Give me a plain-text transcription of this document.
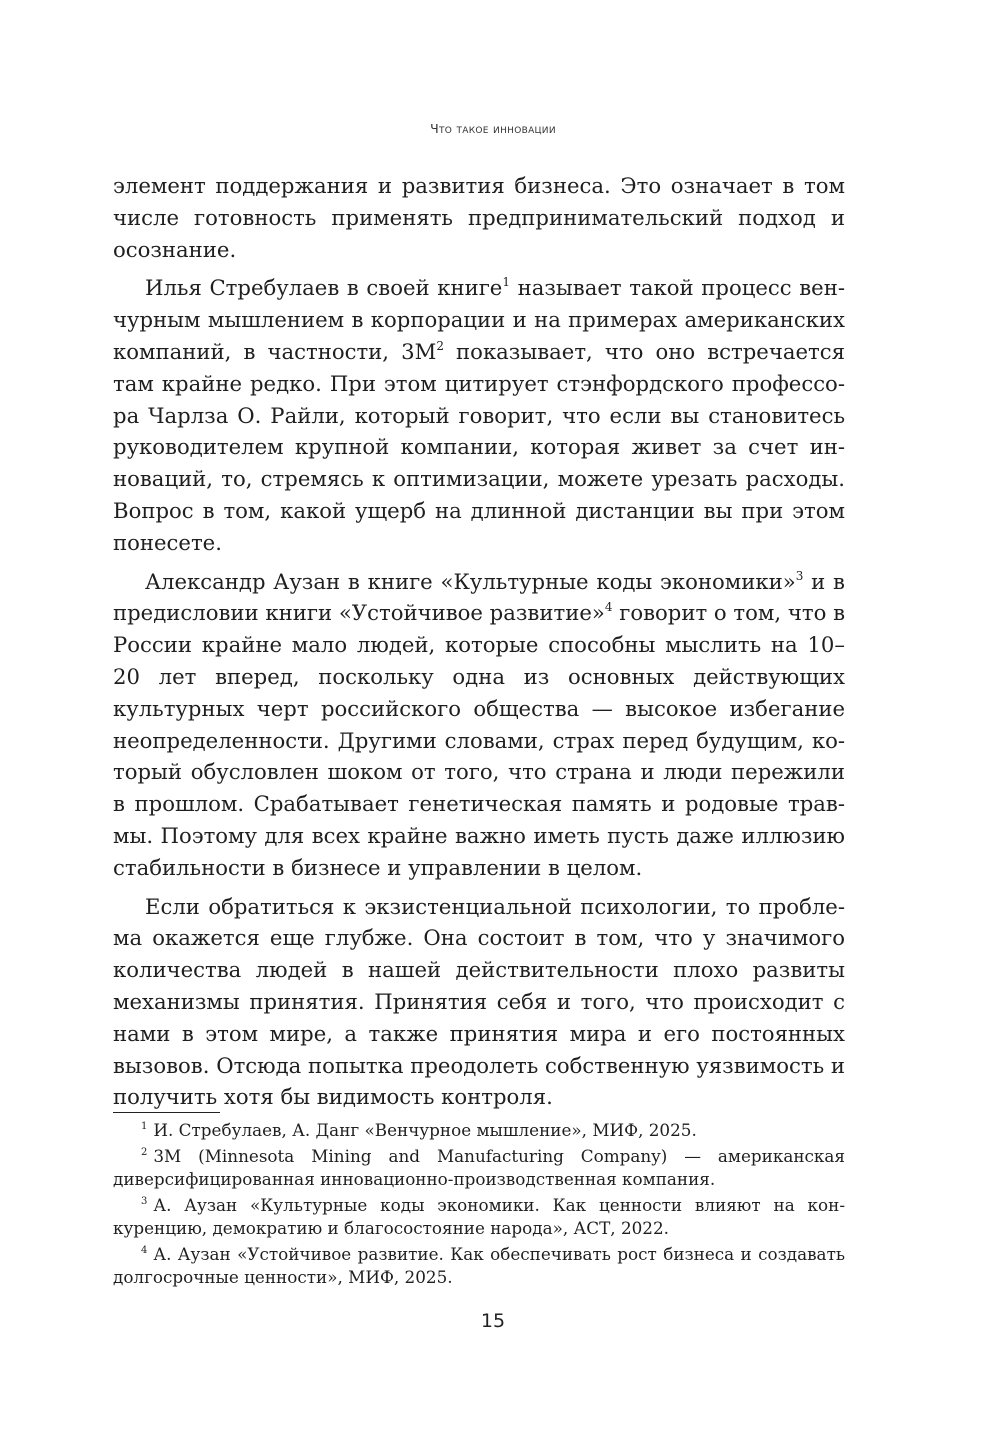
Что такое инновации

элемент поддержания и развития бизнеса. Это означает в том числе готовность применять предпринимательский подход и осознание.

Илья Стребулаев в своей книге$^1$ называет такой процесс венчурным мышлением в корпорации и на примерах американских компаний, в частности, $3M^2$ показывает, что оно встречается там крайне редко. При этом цитирует стэнфордского профессора Чарлза О. Райли, который говорит, что если вы становитесь руководителем крупной компании, которая живет за счет инноваций, то, стремясь к оптимизации, можете урезать расходы. Вопрос в том, какой ущерб на длинной дистанции вы при этом понесете.

Александр Аузан в книге «Культурные коды экономики»$^3$ и в предисловии книги «Устойчивое развитие»$^4$ говорит о том, что в России крайне мало людей, которые способны мыслить на 10–20 лет вперед, поскольку одна из основных действующих культурных черт российского общества — высокое избегание неопределенности. Другими словами, страх перед будущим, который обусловлен шоком от того, что страна и люди пережили в прошлом. Срабатывает генетическая память и родовые травмы. Поэтому для всех крайне важно иметь пусть даже иллюзию стабильности в бизнесе и управлении в целом.

Если обратиться к экзистенциальной психологии, то проблема окажется еще глубже. Она состоит в том, что у значимого количества людей в нашей действительности плохо развиты механизмы принятия. Принятия себя и того, что происходит с нами в этом мире, а также принятия мира и его постоянных вызовов. Отсюда попытка преодолеть собственную уязвимость и получить хотя бы видимость контроля.

$^1$ И. Стребулаев, А. Данг «Венчурное мышление», МИФ, 2025.

$^2$ 3M (Minnesota Mining and Manufacturing Company) — американская диверсифицированная инновационно-производственная компания.

$^3$ А. Аузан «Культурные коды экономики. Как ценности влияют на конкуренцию, демократию и благосостояние народа», АСТ, 2022.

$^4$ А. Аузан «Устойчивое развитие. Как обеспечивать рост бизнеса и создавать долгосрочные ценности», МИФ, 2025.

15
